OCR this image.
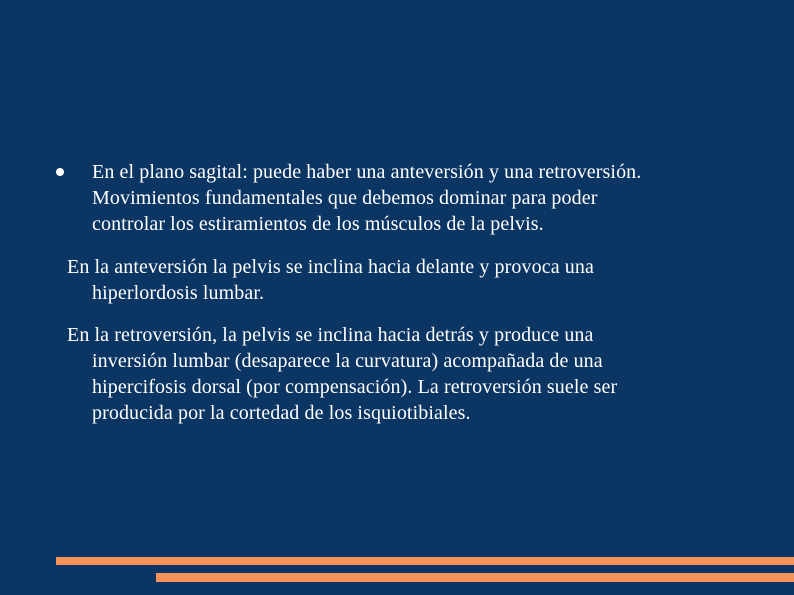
En el plano sagital: puede haber una anteversión y una retroversión.
Movimientos fundamentales que debemos dominar para poder
controlar los estiramientos de los músculos de la pelvis.
En la anteversión la pelvis se inclina hacia delante y provoca una
hiperlordosis lumbar.
En la retroversión, la pelvis se inclina hacia detrás y produce una
inversión lumbar (desaparece la curvatura) acompañada de una
hipercifosis dorsal (por compensación). La retroversión suele ser
producida por la cortedad de los isquiotibiales.
